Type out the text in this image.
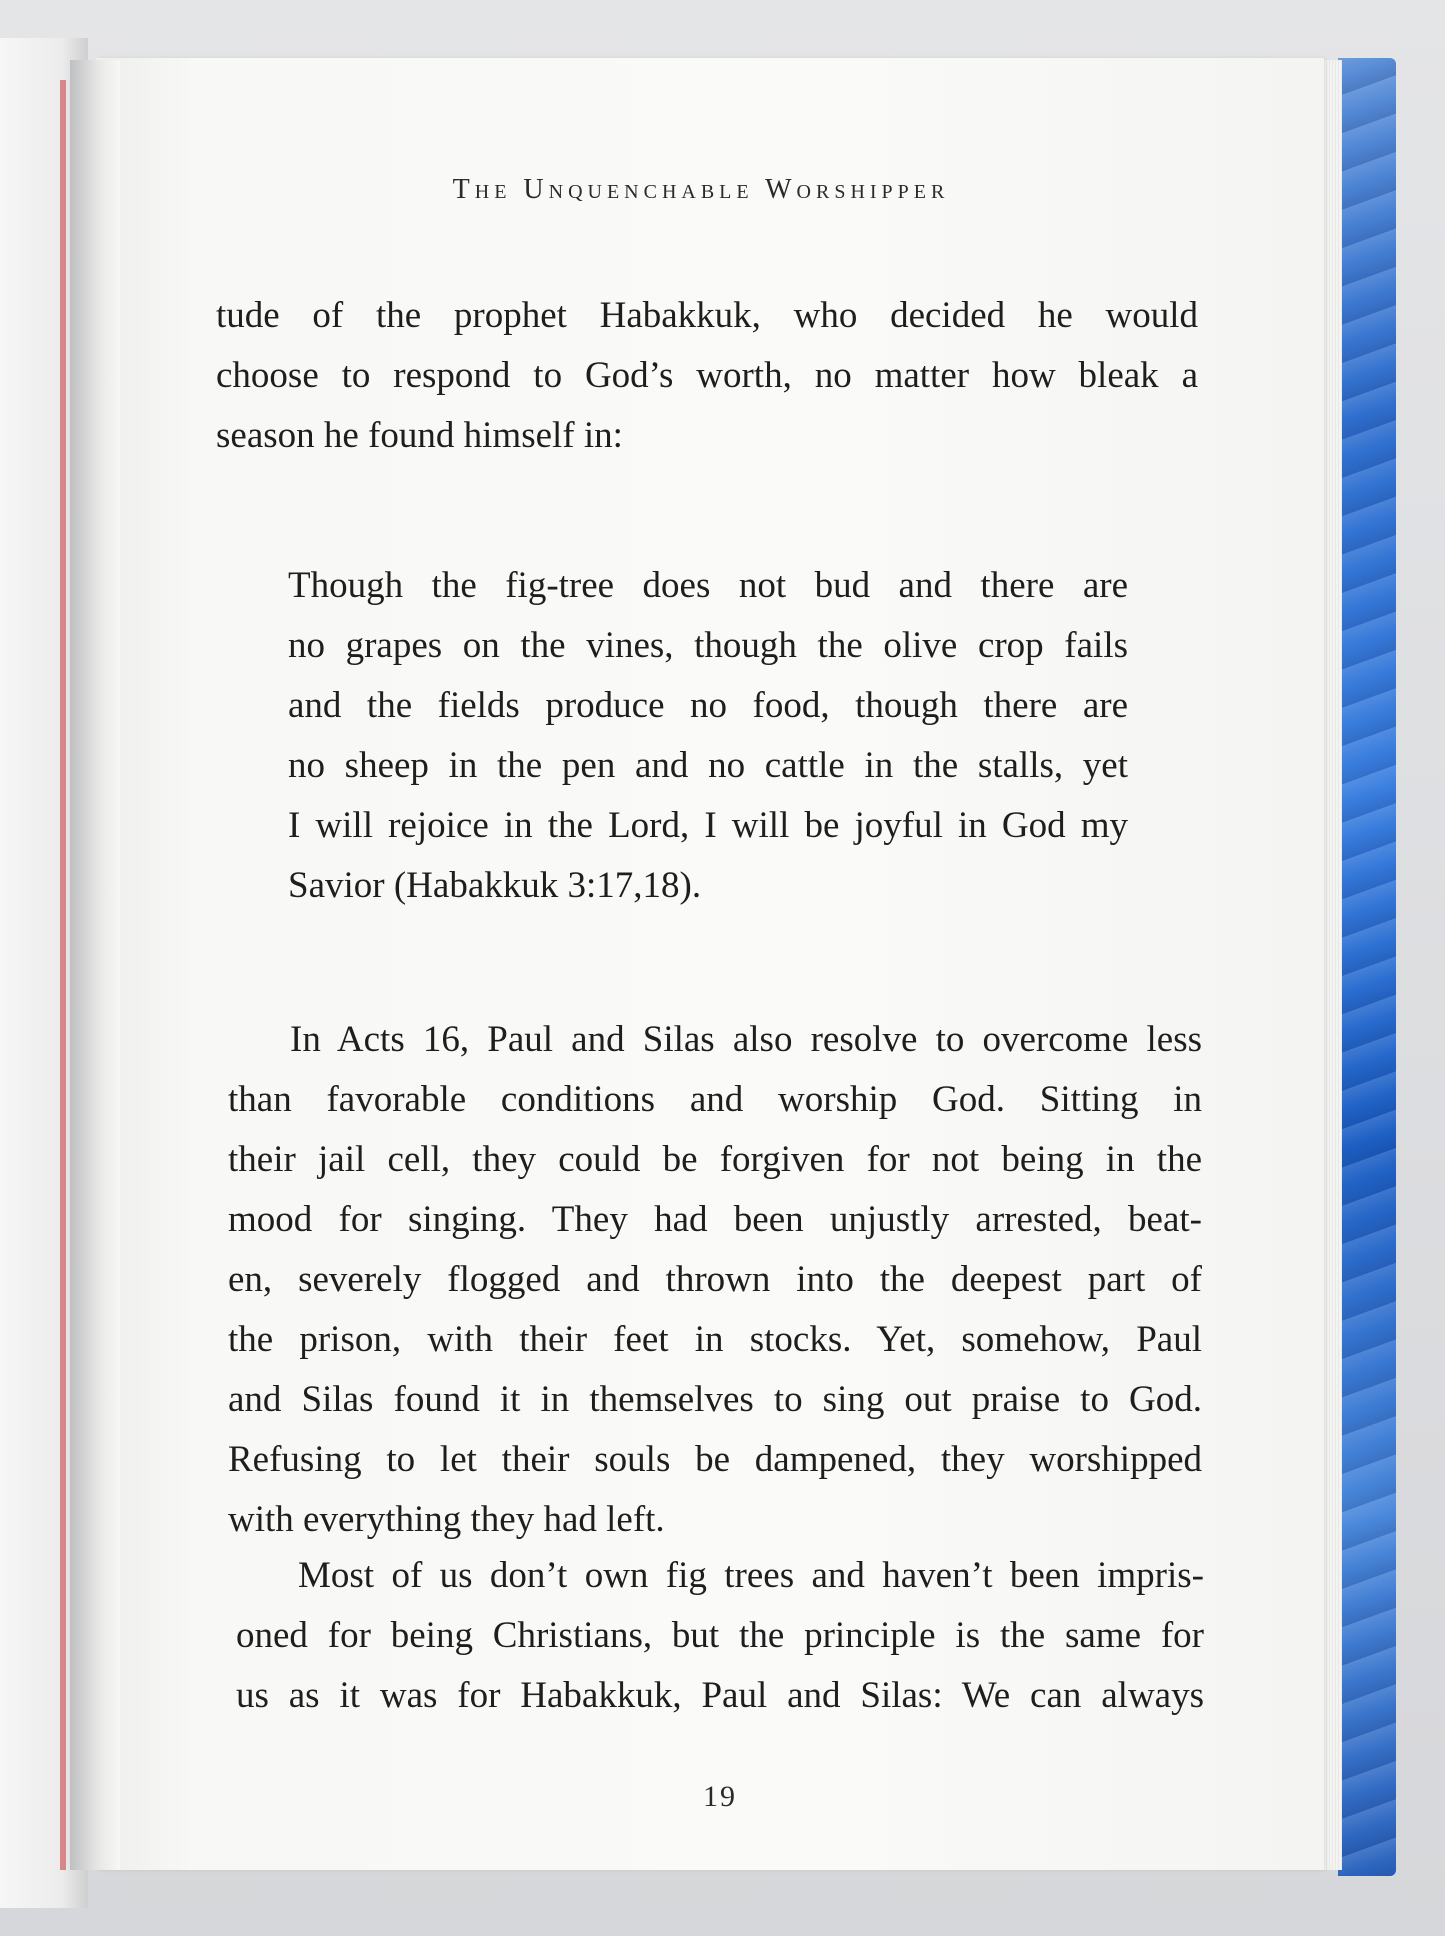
The Unquenchable Worshipper
tude of the prophet Habakkuk, who decided he would
choose to respond to God’s worth, no matter how bleak a
season he found himself in:
Though the fig-tree does not bud and there are
no grapes on the vines, though the olive crop fails
and the fields produce no food, though there are
no sheep in the pen and no cattle in the stalls, yet
I will rejoice in the Lord, I will be joyful in God my
Savior (Habakkuk 3:17,18).
In Acts 16, Paul and Silas also resolve to overcome less
than favorable conditions and worship God. Sitting in
their jail cell, they could be forgiven for not being in the
mood for singing. They had been unjustly arrested, beat-
en, severely flogged and thrown into the deepest part of
the prison, with their feet in stocks. Yet, somehow, Paul
and Silas found it in themselves to sing out praise to God.
Refusing to let their souls be dampened, they worshipped
with everything they had left.
Most of us don’t own fig trees and haven’t been impris-
oned for being Christians, but the principle is the same for
us as it was for Habakkuk, Paul and Silas: We can always
19
